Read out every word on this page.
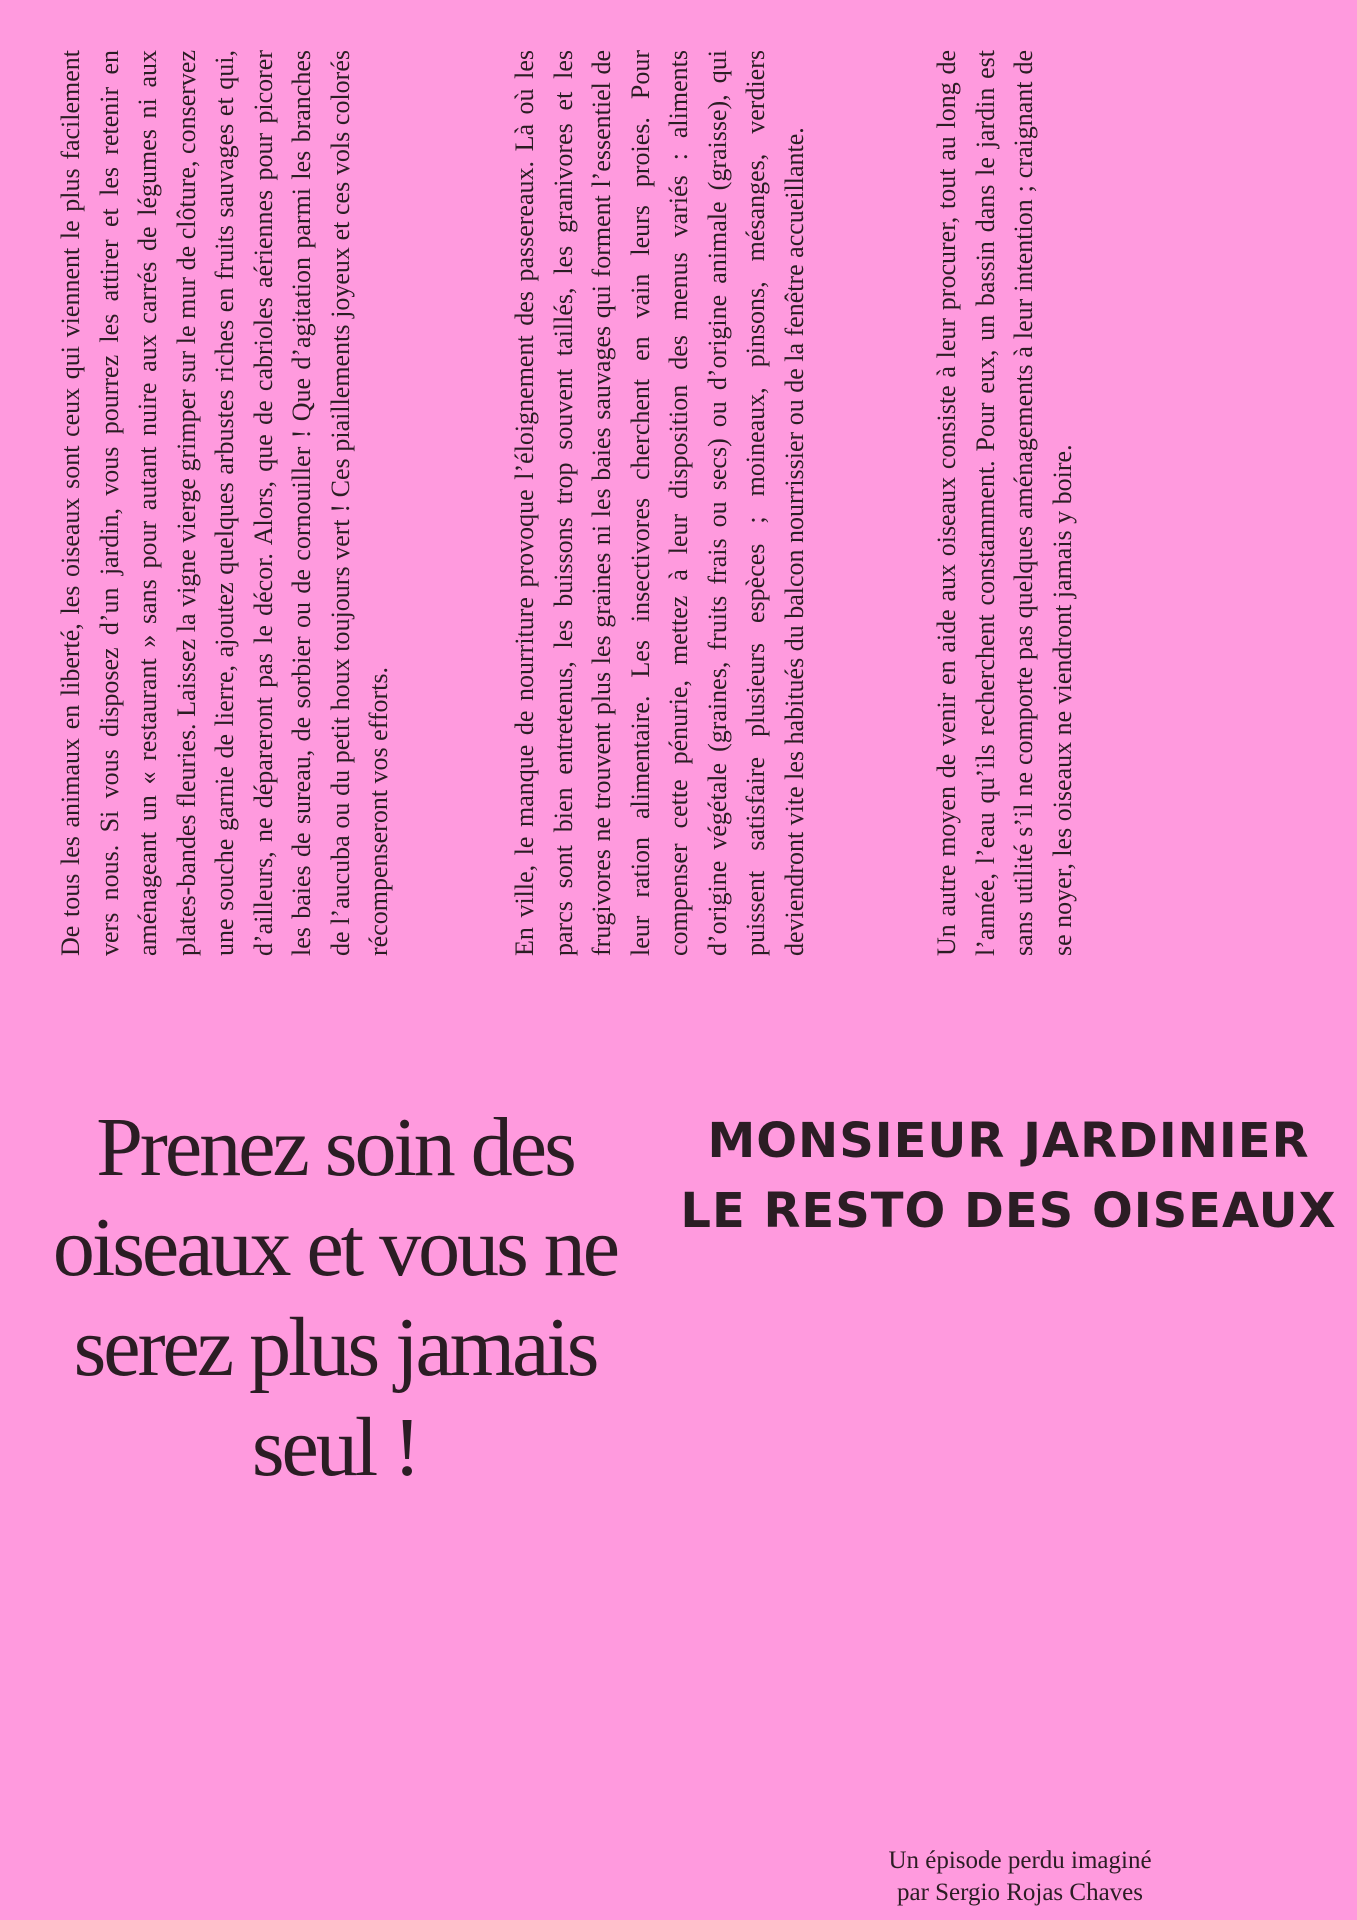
De tous les animaux en liberté, les oiseaux sont ceux qui viennent le plus facilement vers nous. Si vous disposez d’un jardin, vous pourrez les attirer et les retenir en aménageant un « restaurant » sans pour autant nuire aux carrés de légumes ni aux plates-bandes fleuries. Laissez la vigne vierge grimper sur le mur de clôture, conservez une souche garnie de lierre, ajoutez quelques arbustes riches en fruits sauvages et qui, d’ailleurs, ne dépareront pas le décor. Alors, que de cabrioles aériennes pour picorer les baies de sureau, de sorbier ou de cornouiller ! Que d’agitation parmi les branches de l’aucuba ou du petit houx toujours vert ! Ces piaillements joyeux et ces vols colorés récompenseront vos efforts.	En ville, le manque de nourriture provoque l’éloignement des passereaux. Là où les parcs sont bien entretenus, les buissons trop souvent taillés, les granivores et les frugivores ne trouvent plus les graines ni les baies sauvages qui forment l’essentiel de leur ration alimentaire. Les insectivores cherchent en vain leurs proies. Pour compenser cette pénurie, mettez à leur disposition des menus variés : aliments d’origine végétale (graines, fruits frais ou secs) ou d’origine animale (graisse), qui puissent satisfaire plusieurs espèces ; moineaux, pinsons, mésanges, verdiers deviendront vite les habitués du balcon nourrissier ou de la fenêtre accueillante.	Un autre moyen de venir en aide aux oiseaux consiste à leur procurer, tout au long de l’année, l’eau qu’ils recherchent constamment. Pour eux, un bassin dans le jardin est sans utilité s’il ne comporte pas quelques aménagements à leur intention ; craignant de se noyer, les oiseaux ne viendront jamais y boire.
Prenez soin des oiseaux et vous ne serez plus jamais seul !
MONSIEUR JARDINIER
LE RESTO DES OISEAUX

Un épisode perdu imaginé
par Sergio Rojas Chaves
